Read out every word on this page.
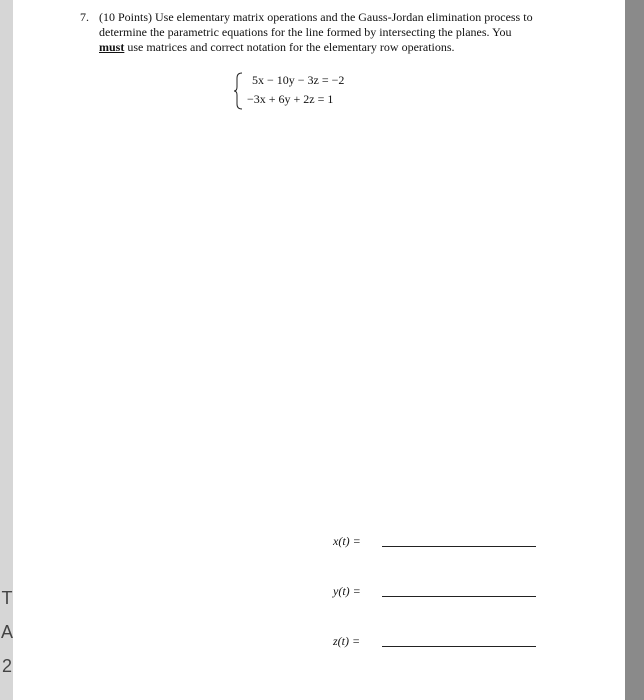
T
A
2
7. (10 Points) Use elementary matrix operations and the Gauss-Jordan elimination process to determine the parametric equations for the line formed by intersecting the planes. You must use matrices and correct notation for the elementary row operations.
5x − 10y − 3z = −2
−3x + 6y + 2z = 1
x(t) =
y(t) =
z(t) =
